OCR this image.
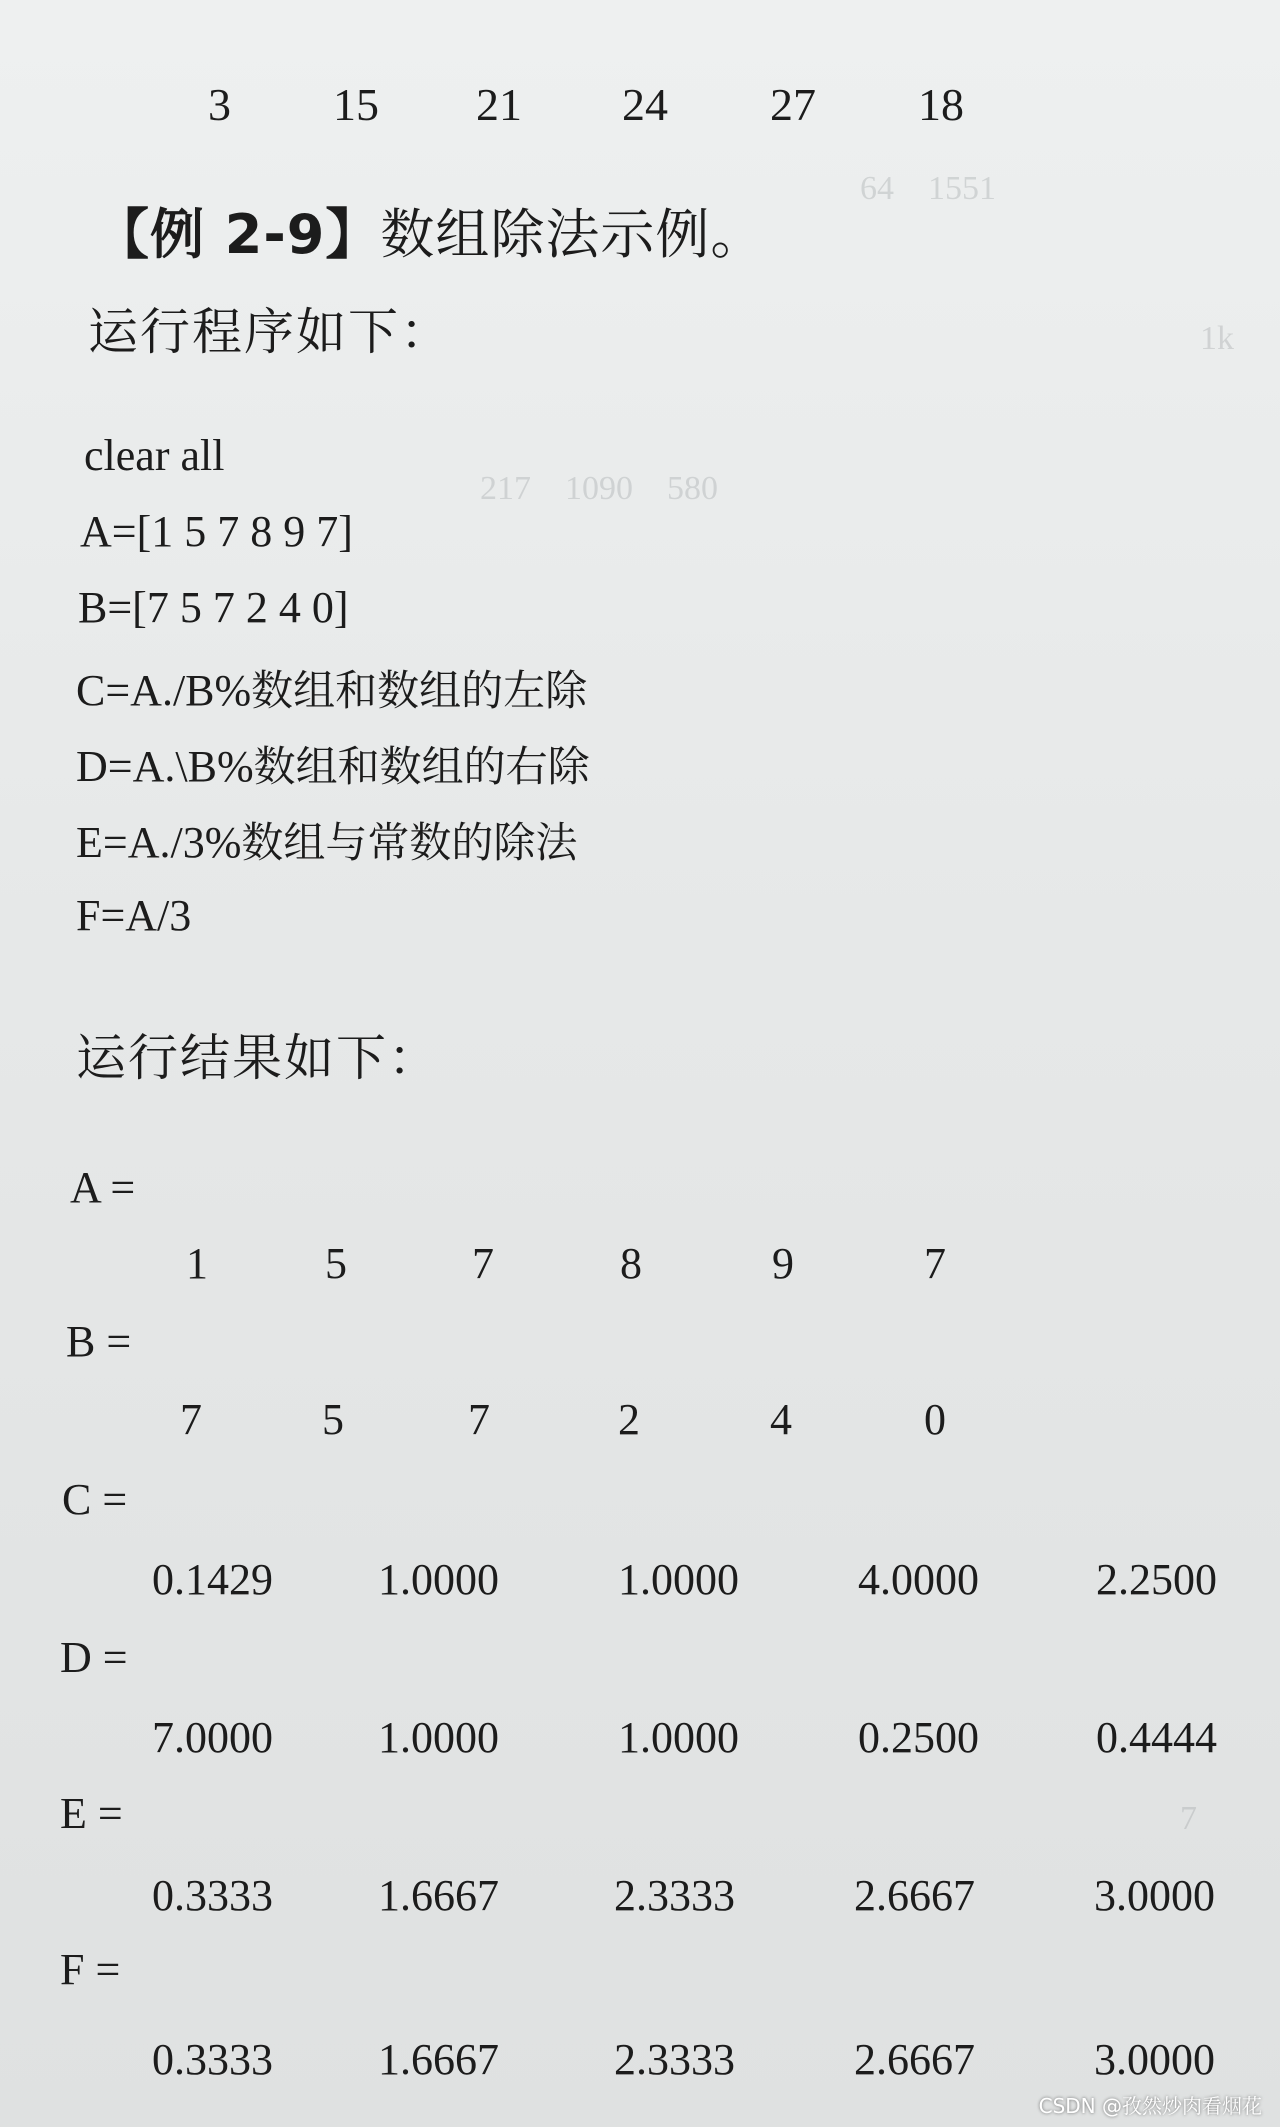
64    1551
1k
217    1090    580
7
3 15 21 24 27 18
【例 2-9】数组除法示例。
运行程序如下：
clear all
A=[1 5 7 8 9 7]
B=[7 5 7 2 4 0]
C=A./B%数组和数组的左除
D=A.\B%数组和数组的右除
E=A./3%数组与常数的除法
F=A/3
运行结果如下：
A =
1	5	7	8	9	7
B =
7	5	7	2	4	0
C =
0.1429 1.0000	1.0000	4.0000	2.2500
D =
7.0000 1.0000	1.0000	0.2500	0.4444
E =
0.3333 1.6667	2.3333	2.6667	3.0000
F =
0.3333 1.6667	2.3333	2.6667	3.0000
CSDN @孜然炒肉看烟花
